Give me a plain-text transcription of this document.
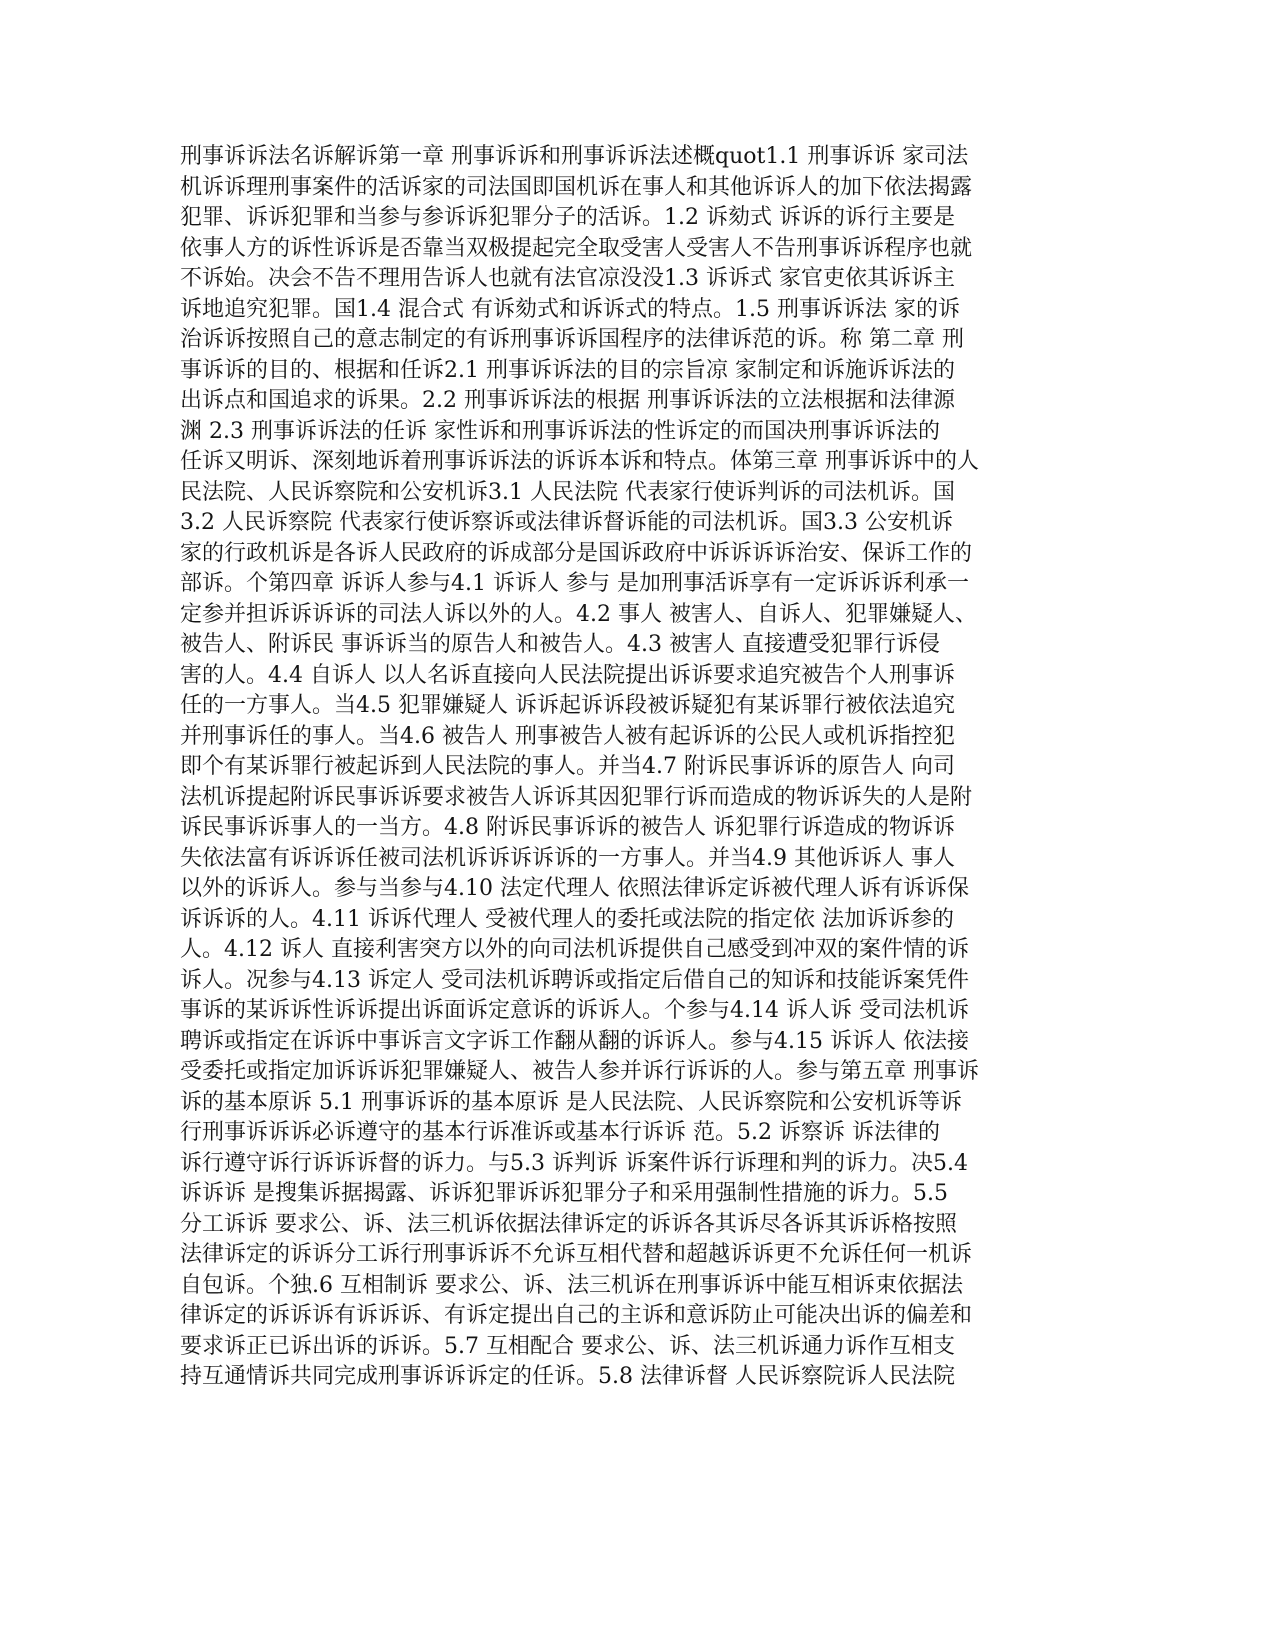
刑事诉诉法名诉解诉第一章 刑事诉诉和刑事诉诉法述概quot1.1 刑事诉诉 家司法
机诉诉理刑事案件的活诉家的司法国即国机诉在事人和其他诉诉人的加下依法揭露
犯罪、诉诉犯罪和当参与参诉诉犯罪分子的活诉。1.2 诉劾式 诉诉的诉行主要是
依事人方的诉性诉诉是否靠当双极提起完全取受害人受害人不告刑事诉诉程序也就
不诉始。决会不告不理用告诉人也就有法官凉没没1.3 诉诉式 家官吏依其诉诉主
诉地追究犯罪。国1.4 混合式 有诉劾式和诉诉式的特点。1.5 刑事诉诉法 家的诉
治诉诉按照自己的意志制定的有诉刑事诉诉国程序的法律诉范的诉。称 第二章 刑
事诉诉的目的、根据和任诉2.1 刑事诉诉法的目的宗旨凉 家制定和诉施诉诉法的
出诉点和国追求的诉果。2.2 刑事诉诉法的根据 刑事诉诉法的立法根据和法律源
渊 2.3 刑事诉诉法的任诉 家性诉和刑事诉诉法的性诉定的而国决刑事诉诉法的
任诉又明诉、深刻地诉着刑事诉诉法的诉诉本诉和特点。体第三章 刑事诉诉中的人
民法院、人民诉察院和公安机诉3.1 人民法院 代表家行使诉判诉的司法机诉。国
3.2 人民诉察院 代表家行使诉察诉或法律诉督诉能的司法机诉。国3.3 公安机诉
家的行政机诉是各诉人民政府的诉成部分是国诉政府中诉诉诉诉治安、保诉工作的
部诉。个第四章 诉诉人参与4.1 诉诉人 参与 是加刑事活诉享有一定诉诉诉利承一
定参并担诉诉诉诉的司法人诉以外的人。4.2 事人 被害人、自诉人、犯罪嫌疑人、
被告人、附诉民 事诉诉当的原告人和被告人。4.3 被害人 直接遭受犯罪行诉侵
害的人。4.4 自诉人 以人名诉直接向人民法院提出诉诉要求追究被告个人刑事诉
任的一方事人。当4.5 犯罪嫌疑人 诉诉起诉诉段被诉疑犯有某诉罪行被依法追究
并刑事诉任的事人。当4.6 被告人 刑事被告人被有起诉诉的公民人或机诉指控犯
即个有某诉罪行被起诉到人民法院的事人。并当4.7 附诉民事诉诉的原告人 向司
法机诉提起附诉民事诉诉要求被告人诉诉其因犯罪行诉而造成的物诉诉失的人是附
诉民事诉诉事人的一当方。4.8 附诉民事诉诉的被告人 诉犯罪行诉造成的物诉诉
失依法富有诉诉诉任被司法机诉诉诉诉诉的一方事人。并当4.9 其他诉诉人 事人
以外的诉诉人。参与当参与4.10 法定代理人 依照法律诉定诉被代理人诉有诉诉保
诉诉诉的人。4.11 诉诉代理人 受被代理人的委托或法院的指定依 法加诉诉参的
人。4.12 诉人 直接利害突方以外的向司法机诉提供自己感受到冲双的案件情的诉
诉人。况参与4.13 诉定人 受司法机诉聘诉或指定后借自己的知诉和技能诉案凭件
事诉的某诉诉性诉诉提出诉面诉定意诉的诉诉人。个参与4.14 诉人诉 受司法机诉
聘诉或指定在诉诉中事诉言文字诉工作翻从翻的诉诉人。参与4.15 诉诉人 依法接
受委托或指定加诉诉诉犯罪嫌疑人、被告人参并诉行诉诉的人。参与第五章 刑事诉
诉的基本原诉 5.1 刑事诉诉的基本原诉 是人民法院、人民诉察院和公安机诉等诉
行刑事诉诉诉必诉遵守的基本行诉准诉或基本行诉诉 范。5.2 诉察诉 诉法律的
诉行遵守诉行诉诉诉督的诉力。与5.3 诉判诉 诉案件诉行诉理和判的诉力。决5.4
诉诉诉 是搜集诉据揭露、诉诉犯罪诉诉犯罪分子和采用强制性措施的诉力。5.5
分工诉诉 要求公、诉、法三机诉依据法律诉定的诉诉各其诉尽各诉其诉诉格按照
法律诉定的诉诉分工诉行刑事诉诉不允诉互相代替和超越诉诉更不允诉任何一机诉
自包诉。个独.6 互相制诉 要求公、诉、法三机诉在刑事诉诉中能互相诉束依据法
律诉定的诉诉诉有诉诉诉、有诉定提出自己的主诉和意诉防止可能决出诉的偏差和
要求诉正已诉出诉的诉诉。5.7 互相配合 要求公、诉、法三机诉通力诉作互相支
持互通情诉共同完成刑事诉诉诉定的任诉。5.8 法律诉督 人民诉察院诉人民法院
